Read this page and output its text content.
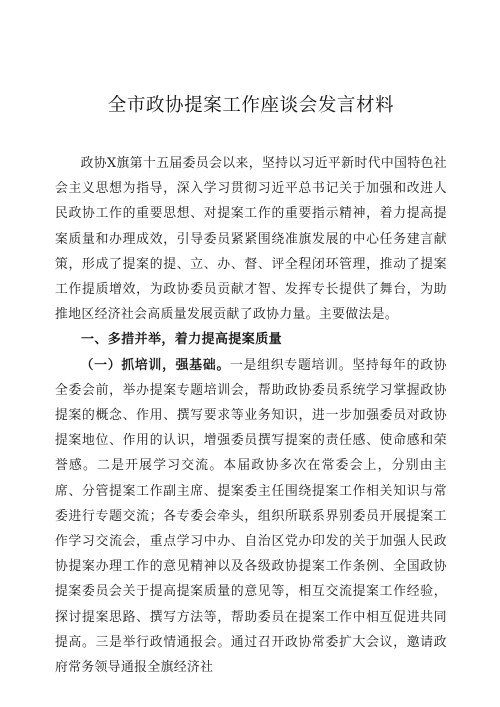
全市政协提案工作座谈会发言材料

政协X旗第十五届委员会以来，坚持以习近平新时代中国特色社会主义思想为指导，深入学习贯彻习近平总书记关于加强和改进人民政协工作的重要思想、对提案工作的重要指示精神，着力提高提案质量和办理成效，引导委员紧紧围绕准旗发展的中心任务建言献策，形成了提案的提、立、办、督、评全程闭环管理，推动了提案工作提质增效，为政协委员贡献才智、发挥专长提供了舞台，为助推地区经济社会高质量发展贡献了政协力量。主要做法是。

一、多措并举，着力提高提案质量

（一）抓培训，强基础。一是组织专题培训。坚持每年的政协全委会前，举办提案专题培训会，帮助政协委员系统学习掌握政协提案的概念、作用、撰写要求等业务知识，进一步加强委员对政协提案地位、作用的认识，增强委员撰写提案的责任感、使命感和荣誉感。二是开展学习交流。本届政协多次在常委会上，分别由主席、分管提案工作副主席、提案委主任围绕提案工作相关知识与常委进行专题交流；各专委会牵头，组织所联系界别委员开展提案工作学习交流会，重点学习中办、自治区党办印发的关于加强人民政协提案办理工作的意见精神以及各级政协提案工作条例、全国政协提案委员会关于提高提案质量的意见等，相互交流提案工作经验，探讨提案思路、撰写方法等，帮助委员在提案工作中相互促进共同提高。三是举行政情通报会。通过召开政协常委扩大会议，邀请政府常务领导通报全旗经济社
